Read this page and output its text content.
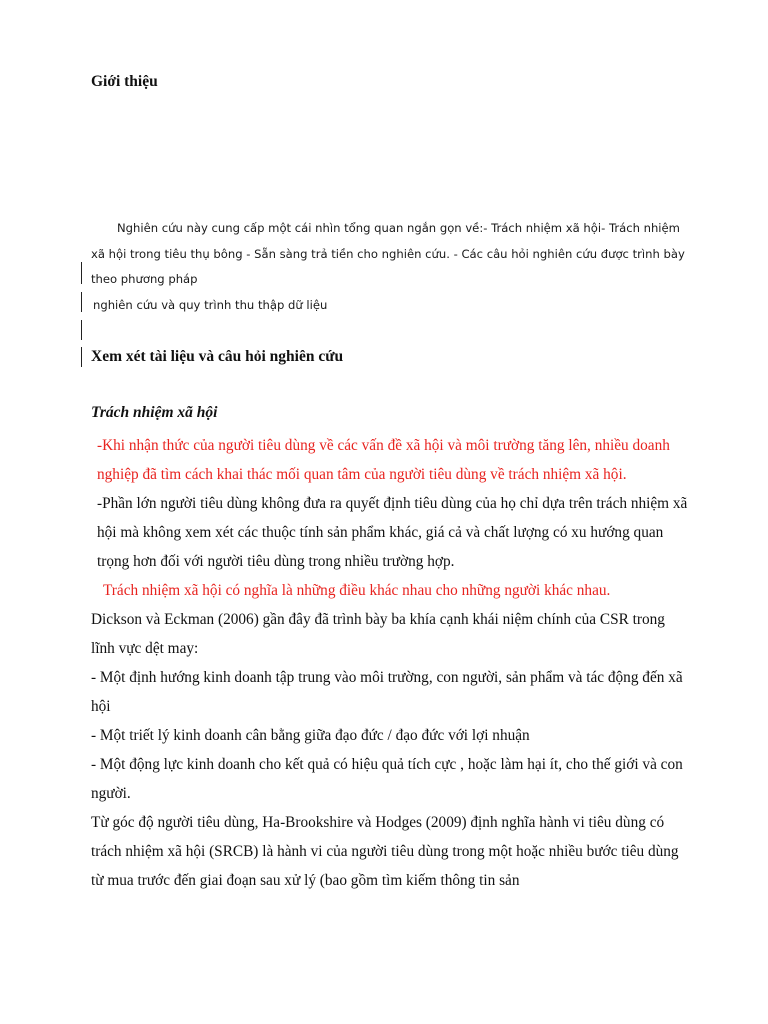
Giới thiệu

Nghiên cứu này cung cấp một cái nhìn tổng quan ngắn gọn về:- Trách nhiệm xã hội- Trách nhiệm xã hội trong tiêu thụ bông - Sẵn sàng trả tiền cho nghiên cứu. - Các câu hỏi nghiên cứu được trình bày theo phương pháp

nghiên cứu và quy trình thu thập dữ liệu

Xem xét tài liệu và câu hỏi nghiên cứu
Trách nhiệm xã hội

-Khi nhận thức của người tiêu dùng về các vấn đề xã hội và môi trường tăng lên, nhiều doanh nghiệp đã tìm cách khai thác mối quan tâm của người tiêu dùng về trách nhiệm xã hội.

-Phần lớn người tiêu dùng không đưa ra quyết định tiêu dùng của họ chỉ dựa trên trách nhiệm xã hội mà không xem xét các thuộc tính sản phẩm khác, giá cả và chất lượng có xu hướng quan trọng hơn đối với người tiêu dùng trong nhiều trường hợp.

Trách nhiệm xã hội có nghĩa là những điều khác nhau cho những người khác nhau.

Dickson và Eckman (2006) gần đây đã trình bày ba khía cạnh khái niệm chính của CSR trong lĩnh vực dệt may:

- Một định hướng kinh doanh tập trung vào môi trường, con người, sản phẩm và tác động đến xã hội

- Một triết lý kinh doanh cân bằng giữa đạo đức / đạo đức với lợi nhuận

- Một động lực kinh doanh cho kết quả có hiệu quả tích cực , hoặc làm hại ít, cho thế giới và con người.

Từ góc độ người tiêu dùng, Ha-Brookshire và Hodges (2009) định nghĩa hành vi tiêu dùng có trách nhiệm xã hội (SRCB) là hành vi của người tiêu dùng trong một hoặc nhiều bước tiêu dùng từ mua trước đến giai đoạn sau xử lý (bao gồm tìm kiếm thông tin sản
